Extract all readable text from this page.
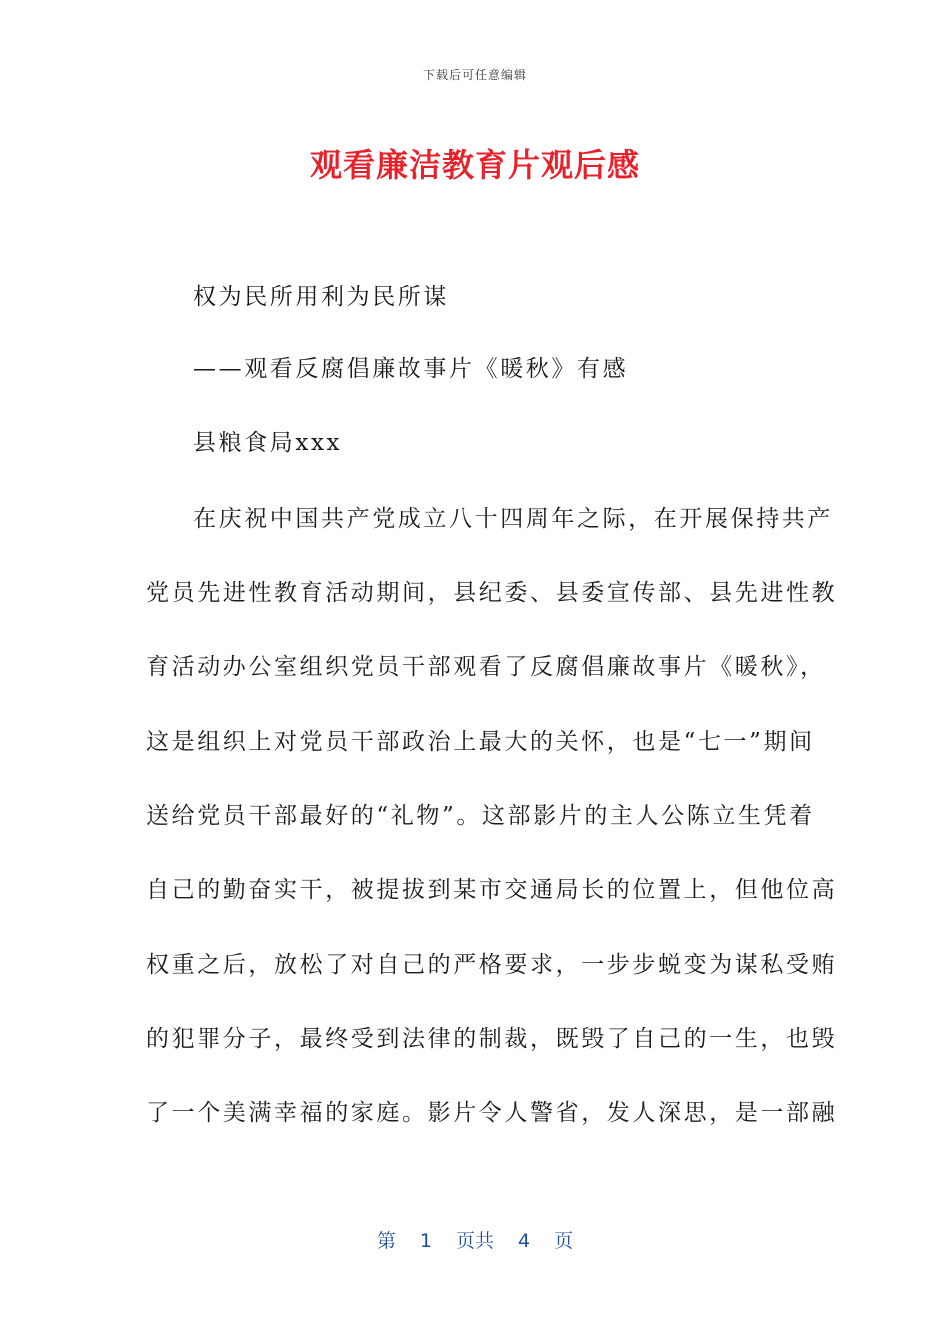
下载后可任意编辑
观看廉洁教育片观后感
权为民所用利为民所谋
——观看反腐倡廉故事片《暖秋》有感
县粮食局xxx
在庆祝中国共产党成立八十四周年之际，在开展保持共产
党员先进性教育活动期间，县纪委、县委宣传部、县先进性教
育活动办公室组织党员干部观看了反腐倡廉故事片《暖秋》，
这是组织上对党员干部政治上最大的关怀，也是“七一”期间
送给党员干部最好的“礼物”。这部影片的主人公陈立生凭着
自己的勤奋实干，被提拔到某市交通局长的位置上，但他位高
权重之后，放松了对自己的严格要求，一步步蜕变为谋私受贿
的犯罪分子，最终受到法律的制裁，既毁了自己的一生，也毁
了一个美满幸福的家庭。影片令人警省，发人深思，是一部融
第 1 页共 4 页
